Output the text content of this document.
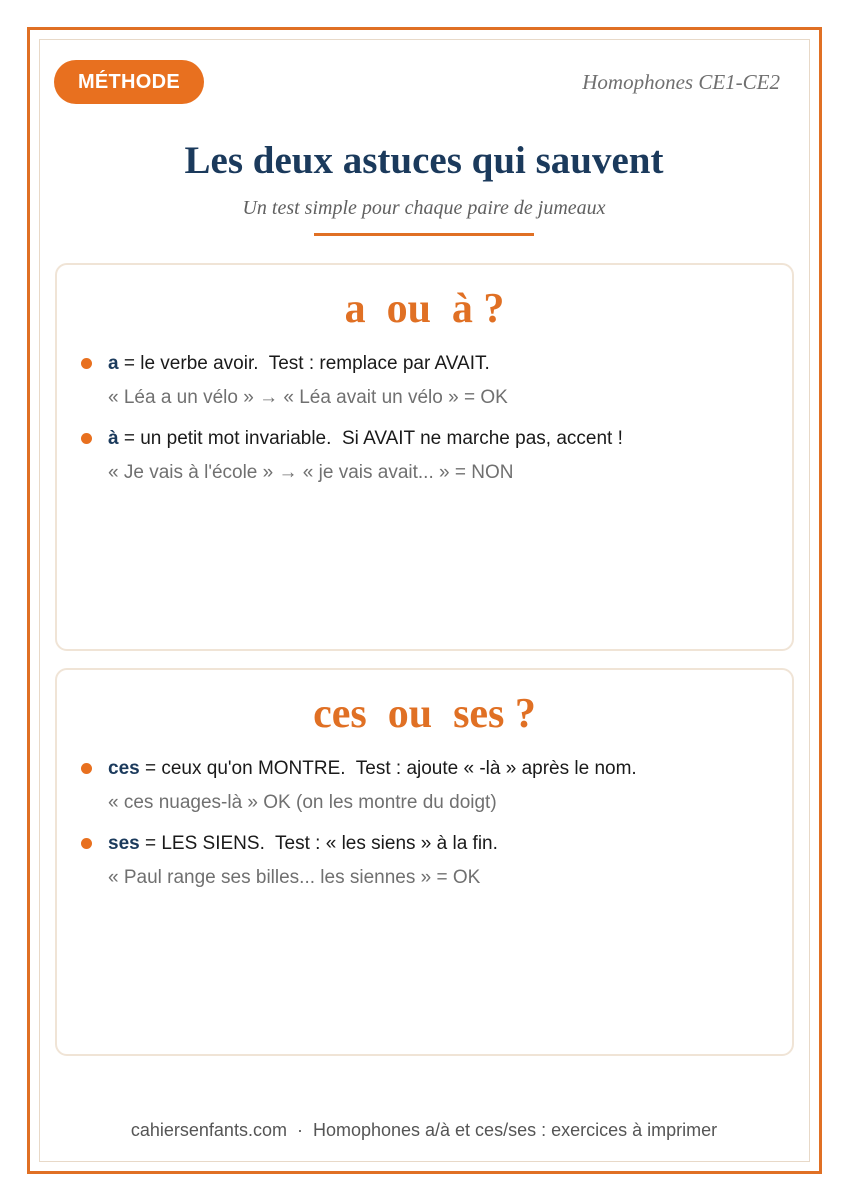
MÉTHODE	Homophones CE1-CE2
Les deux astuces qui sauvent
Un test simple pour chaque paire de jumeaux
a  ou  à ?
a = le verbe avoir.  Test : remplace par AVAIT.
« Léa a un vélo » → « Léa avait un vélo » = OK
à = un petit mot invariable.  Si AVAIT ne marche pas, accent !
« Je vais à l'école » → « je vais avait... » = NON
ces  ou  ses ?
ces = ceux qu'on MONTRE.  Test : ajoute « -là » après le nom.
« ces nuages-là » OK (on les montre du doigt)
ses = LES SIENS.  Test : « les siens » à la fin.
« Paul range ses billes... les siennes » = OK
cahiersenfants.com  ·  Homophones a/à et ces/ses : exercices à imprimer
